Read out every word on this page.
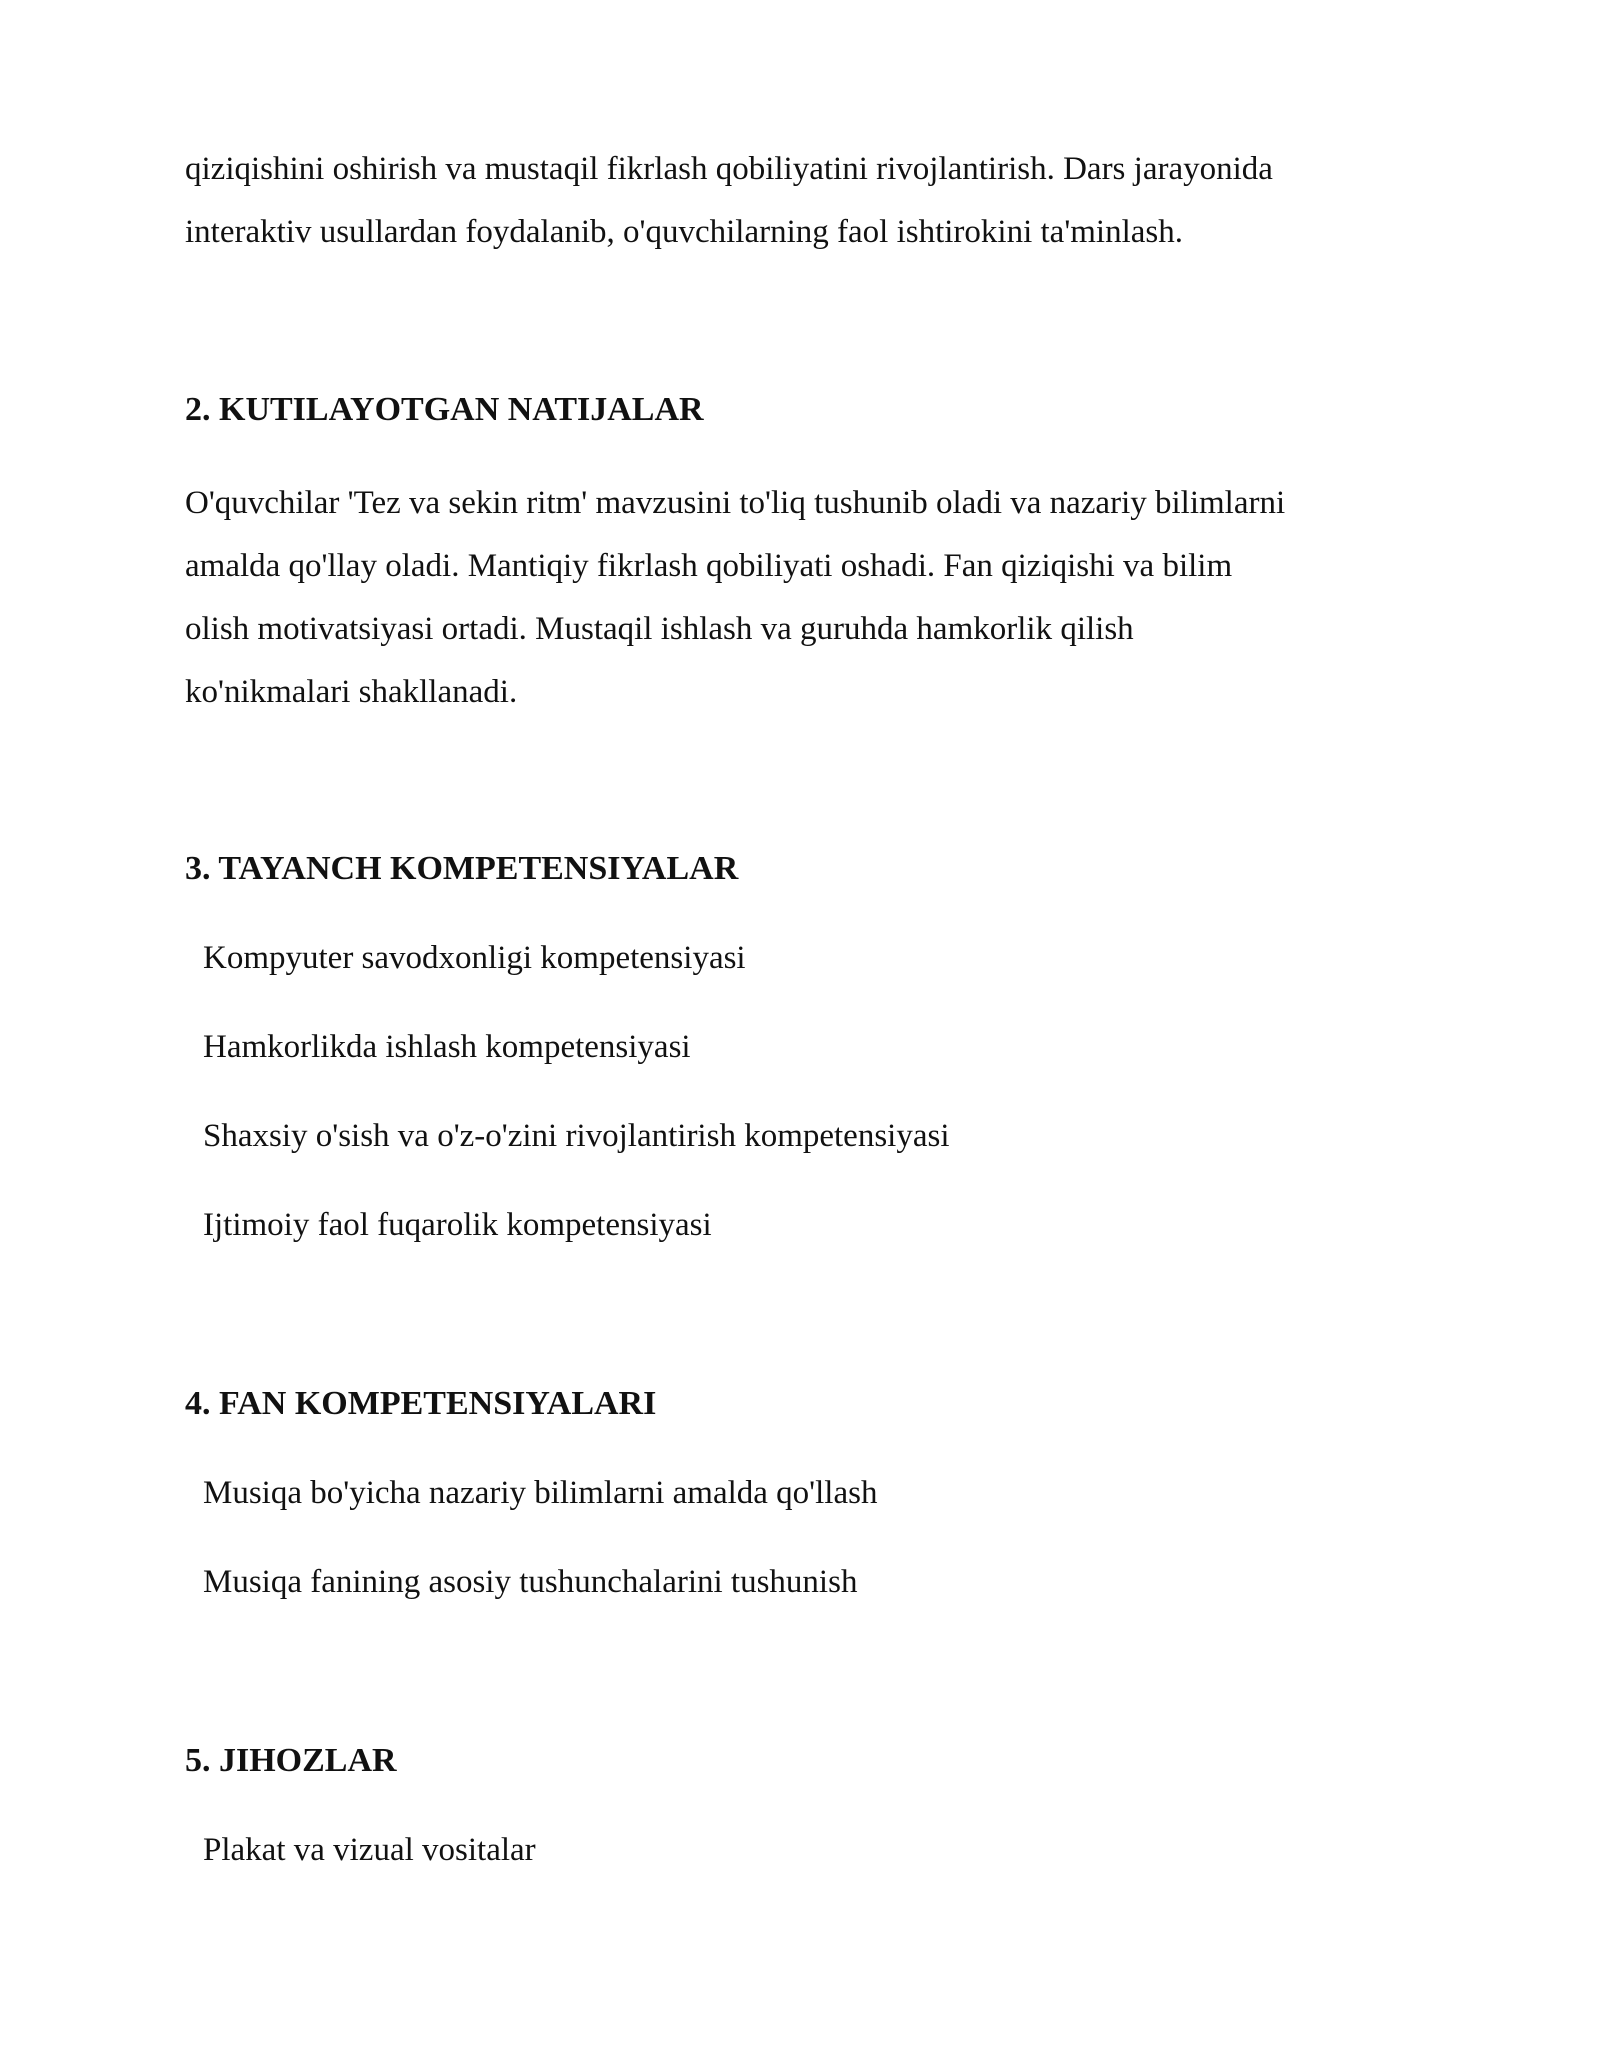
qiziqishini oshirish va mustaqil fikrlash qobiliyatini rivojlantirish. Dars jarayonida
interaktiv usullardan foydalanib, o'quvchilarning faol ishtirokini ta'minlash.

2. KUTILAYOTGAN NATIJALAR

O'quvchilar 'Tez va sekin ritm' mavzusini to'liq tushunib oladi va nazariy bilimlarni
amalda qo'llay oladi. Mantiqiy fikrlash qobiliyati oshadi. Fan qiziqishi va bilim
olish motivatsiyasi ortadi. Mustaqil ishlash va guruhda hamkorlik qilish
ko'nikmalari shakllanadi.

3. TAYANCH KOMPETENSIYALAR

Kompyuter savodxonligi kompetensiyasi

Hamkorlikda ishlash kompetensiyasi

Shaxsiy o'sish va o'z-o'zini rivojlantirish kompetensiyasi

Ijtimoiy faol fuqarolik kompetensiyasi

4. FAN KOMPETENSIYALARI

Musiqa bo'yicha nazariy bilimlarni amalda qo'llash

Musiqa fanining asosiy tushunchalarini tushunish

5. JIHOZLAR

Plakat va vizual vositalar
